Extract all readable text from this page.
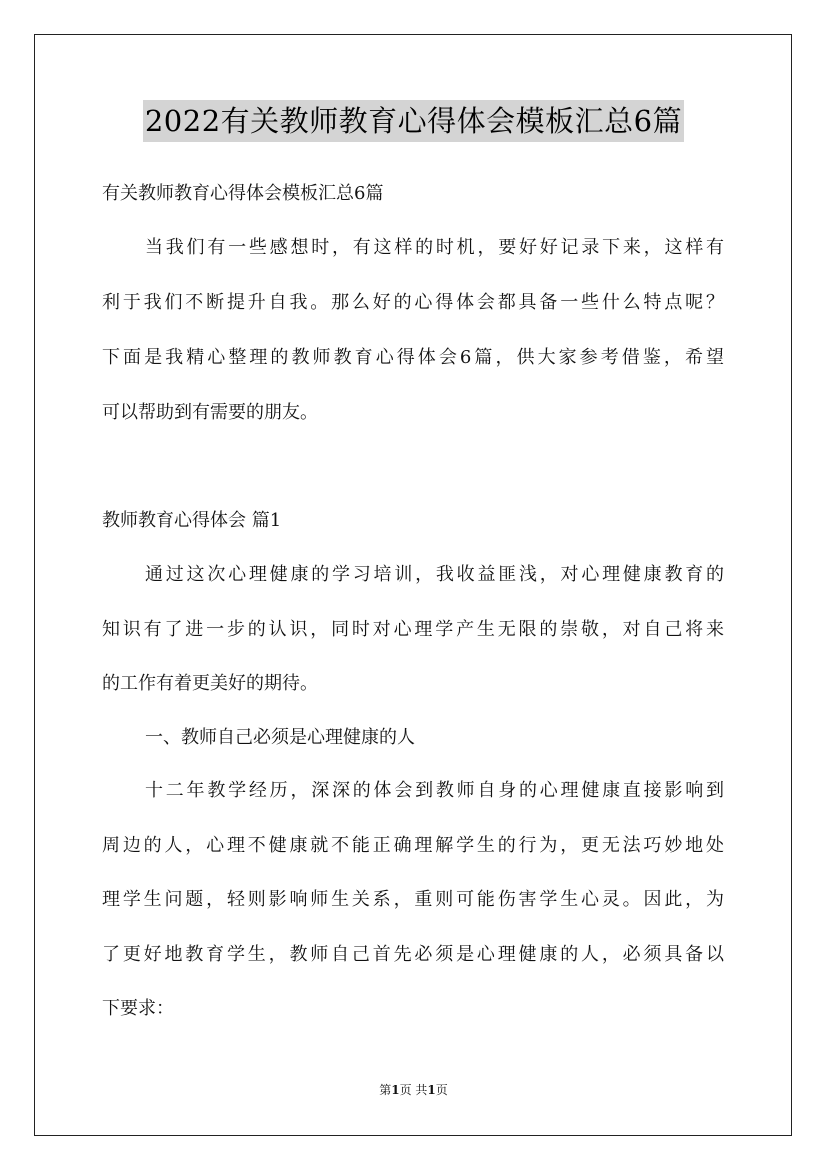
2022有关教师教育心得体会模板汇总6篇
有关教师教育心得体会模板汇总6篇
当我们有一些感想时，有这样的时机，要好好记录下来，这样有
利于我们不断提升自我。那么好的心得体会都具备一些什么特点呢？
下面是我精心整理的教师教育心得体会6篇，供大家参考借鉴，希望
可以帮助到有需要的朋友。
教师教育心得体会 篇1
通过这次心理健康的学习培训，我收益匪浅，对心理健康教育的
知识有了进一步的认识，同时对心理学产生无限的崇敬，对自己将来
的工作有着更美好的期待。
一、教师自己必须是心理健康的人
十二年教学经历，深深的体会到教师自身的心理健康直接影响到
周边的人，心理不健康就不能正确理解学生的行为，更无法巧妙地处
理学生问题，轻则影响师生关系，重则可能伤害学生心灵。因此，为
了更好地教育学生，教师自己首先必须是心理健康的人，必须具备以
下要求：
第1页 共1页
